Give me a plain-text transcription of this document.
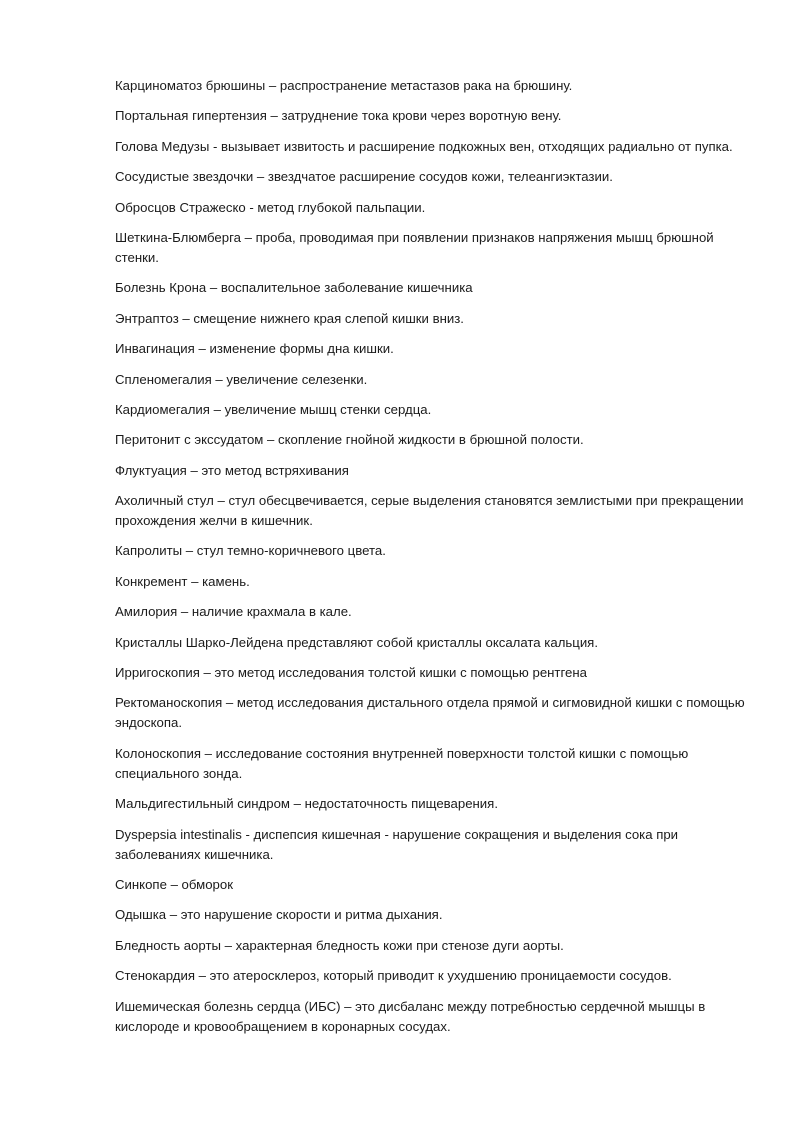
Карциноматоз брюшины – распространение метастазов рака на брюшину.

Портальная гипертензия – затруднение тока крови через воротную вену.

Голова Медузы - вызывает извитость и расширение подкожных вен, отходящих радиально от пупка.

Сосудистые звездочки – звездчатое расширение сосудов кожи, телеангиэктазии.

Обросцов Стражеско - метод глубокой пальпации.

Шеткина-Блюмберга – проба, проводимая при появлении признаков напряжения мышц брюшной стенки.

Болезнь Крона – воспалительное заболевание кишечника

Энтраптоз – смещение нижнего края слепой кишки вниз.

Инвагинация – изменение формы дна кишки.

Спленомегалия – увеличение селезенки.

Кардиомегалия – увеличение мышц стенки сердца.

Перитонит с экссудатом – скопление гнойной жидкости в брюшной полости.

Флуктуация – это метод встряхивания

Ахоличный стул – стул обесцвечивается, серые выделения становятся землистыми при прекращении прохождения желчи в кишечник.

Капролиты – стул темно-коричневого цвета.

Конкремент – камень.

Амилория – наличие крахмала в кале.

Кристаллы Шарко-Лейдена представляют собой кристаллы оксалата кальция.

Ирригоскопия – это метод исследования толстой кишки с помощью рентгена

Ректоманоскопия – метод исследования дистального отдела прямой и сигмовидной кишки с помощью эндоскопа.

Колоноскопия – исследование состояния внутренней поверхности толстой кишки с помощью специального зонда.

Мальдигестильный синдром – недостаточность пищеварения.

Dyspepsia intestinalis - диспепсия кишечная - нарушение сокращения и выделения сока при заболеваниях кишечника.

Синкопе – обморок

Одышка – это нарушение скорости и ритма дыхания.

Бледность аорты – характерная бледность кожи при стенозе дуги аорты.

Стенокардия – это атеросклероз, который приводит к ухудшению проницаемости сосудов.

Ишемическая болезнь сердца (ИБС) – это дисбаланс между потребностью сердечной мышцы в кислороде и кровообращением в коронарных сосудах.
